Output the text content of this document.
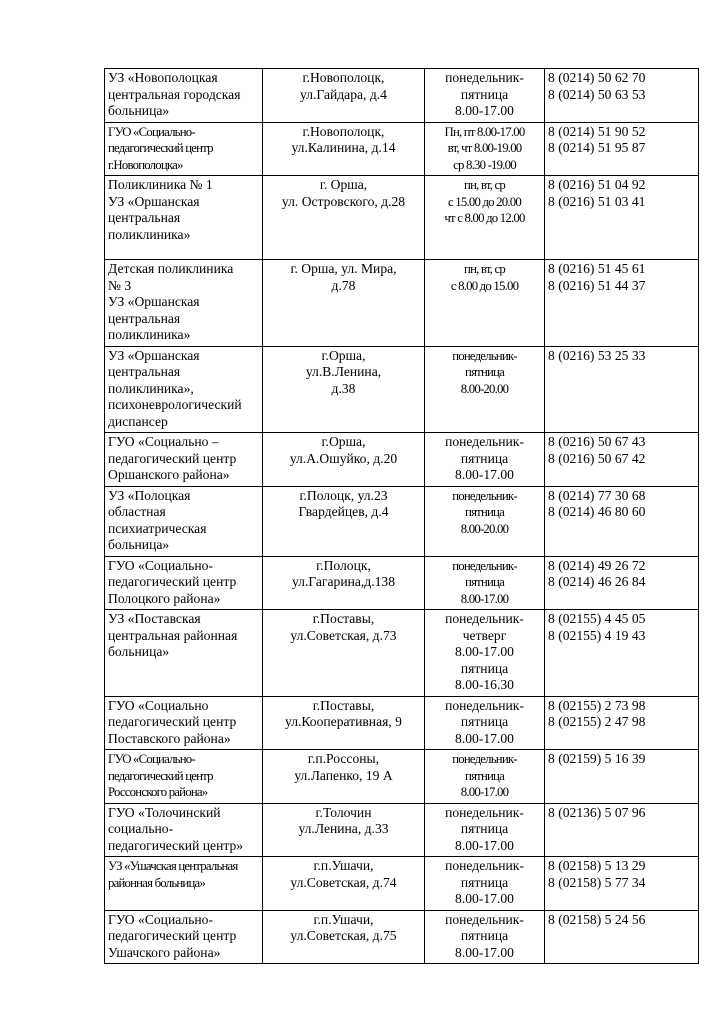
УЗ «Новополоцкая
центральная городская
больница»	г.Новополоцк,
ул.Гайдара, д.4	понедельник-
пятница
8.00-17.00	8 (0214) 50 62 70
8 (0214) 50 63 53

ГУО «Социально-
педагогический центр
г.Новополоцка»	г.Новополоцк,
ул.Калинина, д.14	Пн, пт 8.00-17.00
вт, чт 8.00-19.00
ср 8.30 -19.00	8 (0214) 51 90 52
8 (0214) 51 95 87

Поликлиника № 1
УЗ «Оршанская
центральная
поликлиника»	г. Орша,
ул. Островского, д.28	пн, вт, ср
с 15.00 до 20.00
чт с 8.00 до 12.00	8 (0216) 51 04 92
8 (0216) 51 03 41

Детская поликлиника
№ 3
УЗ «Оршанская
центральная
поликлиника»	г. Орша, ул. Мира,
д.78	пн, вт, ср
с 8.00 до 15.00	8 (0216) 51 45 61
8 (0216) 51 44 37

УЗ «Оршанская
центральная
поликлиника»,
психоневрологический
диспансер	г.Орша,
ул.В.Ленина,
д.38	понедельник-
пятница
8.00-20.00	8 (0216) 53 25 33

ГУО «Социально –
педагогический центр
Оршанского района»	г.Орша,
ул.А.Ошуйко, д.20	понедельник-
пятница
8.00-17.00	8 (0216) 50 67 43
8 (0216) 50 67 42

УЗ «Полоцкая
областная
психиатрическая
больница»	г.Полоцк, ул.23
Гвардейцев, д.4	понедельник-
пятница
8.00-20.00	8 (0214) 77 30 68
8 (0214) 46 80 60

ГУО «Социально-
педагогический центр
Полоцкого района»	г.Полоцк,
ул.Гагарина,д.138	понедельник-
пятница
8.00-17.00	8 (0214) 49 26 72
8 (0214) 46 26 84

УЗ «Поставская
центральная районная
больница»	г.Поставы,
ул.Советская, д.73	понедельник-
четверг
8.00-17.00
пятница
8.00-16.30	8 (02155) 4 45 05
8 (02155) 4 19 43

ГУО «Социально
педагогический центр
Поставского района»	г.Поставы,
ул.Кооперативная, 9	понедельник-
пятница
8.00-17.00	8 (02155) 2 73 98
8 (02155) 2 47 98

ГУО «Социально-
педагогический центр
Россонского района»	г.п.Россоны,
ул.Лапенко, 19 А	понедельник-
пятница
8.00-17.00	8 (02159) 5 16 39

ГУО «Толочинский
социально-
педагогический центр»	г.Толочин
ул.Ленина, д.33	понедельник-
пятница
8.00-17.00	8 (02136) 5 07 96

УЗ «Ушачская центральная
районная больница»	г.п.Ушачи,
ул.Советская, д.74	понедельник-
пятница
8.00-17.00	8 (02158) 5 13 29
8 (02158) 5 77 34

ГУО «Социально-
педагогический центр
Ушачского района»	г.п.Ушачи,
ул.Советская, д.75	понедельник-
пятница
8.00-17.00	8 (02158) 5 24 56
